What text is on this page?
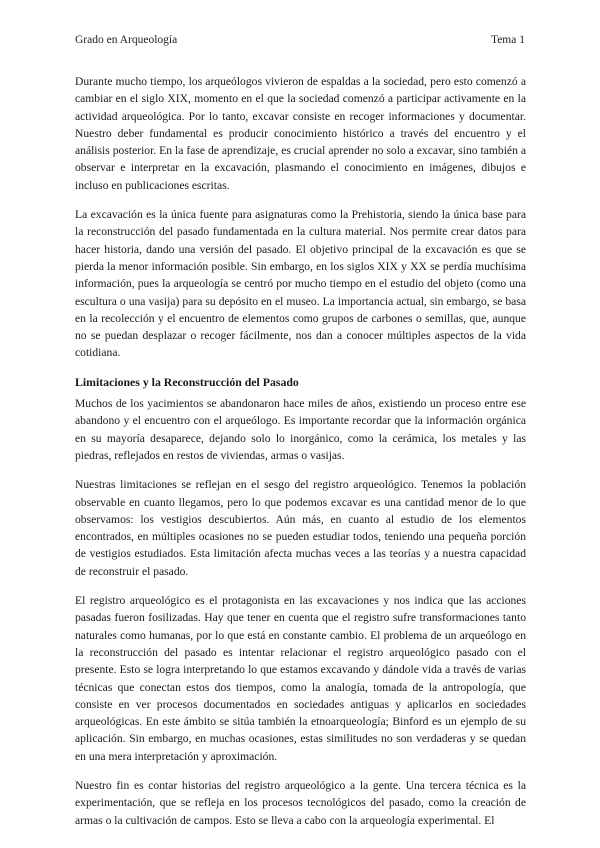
Grado en Arqueología	Tema 1

Durante mucho tiempo, los arqueólogos vivieron de espaldas a la sociedad, pero esto comenzó a cambiar en el siglo XIX, momento en el que la sociedad comenzó a participar activamente en la actividad arqueológica. Por lo tanto, excavar consiste en recoger informaciones y documentar. Nuestro deber fundamental es producir conocimiento histórico a través del encuentro y el análisis posterior. En la fase de aprendizaje, es crucial aprender no solo a excavar, sino también a observar e interpretar en la excavación, plasmando el conocimiento en imágenes, dibujos e incluso en publicaciones escritas.

La excavación es la única fuente para asignaturas como la Prehistoria, siendo la única base para la reconstrucción del pasado fundamentada en la cultura material. Nos permite crear datos para hacer historia, dando una versión del pasado. El objetivo principal de la excavación es que se pierda la menor información posible. Sin embargo, en los siglos XIX y XX se perdía muchísima información, pues la arqueología se centró por mucho tiempo en el estudio del objeto (como una escultura o una vasija) para su depósito en el museo. La importancia actual, sin embargo, se basa en la recolección y el encuentro de elementos como grupos de carbones o semillas, que, aunque no se puedan desplazar o recoger fácilmente, nos dan a conocer múltiples aspectos de la vida cotidiana.

Limitaciones y la Reconstrucción del Pasado

Muchos de los yacimientos se abandonaron hace miles de años, existiendo un proceso entre ese abandono y el encuentro con el arqueólogo. Es importante recordar que la información orgánica en su mayoría desaparece, dejando solo lo inorgánico, como la cerámica, los metales y las piedras, reflejados en restos de viviendas, armas o vasijas.

Nuestras limitaciones se reflejan en el sesgo del registro arqueológico. Tenemos la población observable en cuanto llegamos, pero lo que podemos excavar es una cantidad menor de lo que observamos: los vestigios descubiertos. Aún más, en cuanto al estudio de los elementos encontrados, en múltiples ocasiones no se pueden estudiar todos, teniendo una pequeña porción de vestigios estudiados. Esta limitación afecta muchas veces a las teorías y a nuestra capacidad de reconstruir el pasado.

El registro arqueológico es el protagonista en las excavaciones y nos indica que las acciones pasadas fueron fosilizadas. Hay que tener en cuenta que el registro sufre transformaciones tanto naturales como humanas, por lo que está en constante cambio. El problema de un arqueólogo en la reconstrucción del pasado es intentar relacionar el registro arqueológico pasado con el presente. Esto se logra interpretando lo que estamos excavando y dándole vida a través de varias técnicas que conectan estos dos tiempos, como la analogía, tomada de la antropología, que consiste en ver procesos documentados en sociedades antiguas y aplicarlos en sociedades arqueológicas. En este ámbito se sitúa también la etnoarqueología; Binford es un ejemplo de su aplicación. Sin embargo, en muchas ocasiones, estas similitudes no son verdaderas y se quedan en una mera interpretación y aproximación.

Nuestro fin es contar historias del registro arqueológico a la gente. Una tercera técnica es la experimentación, que se refleja en los procesos tecnológicos del pasado, como la creación de armas o la cultivación de campos. Esto se lleva a cabo con la arqueología experimental. El
